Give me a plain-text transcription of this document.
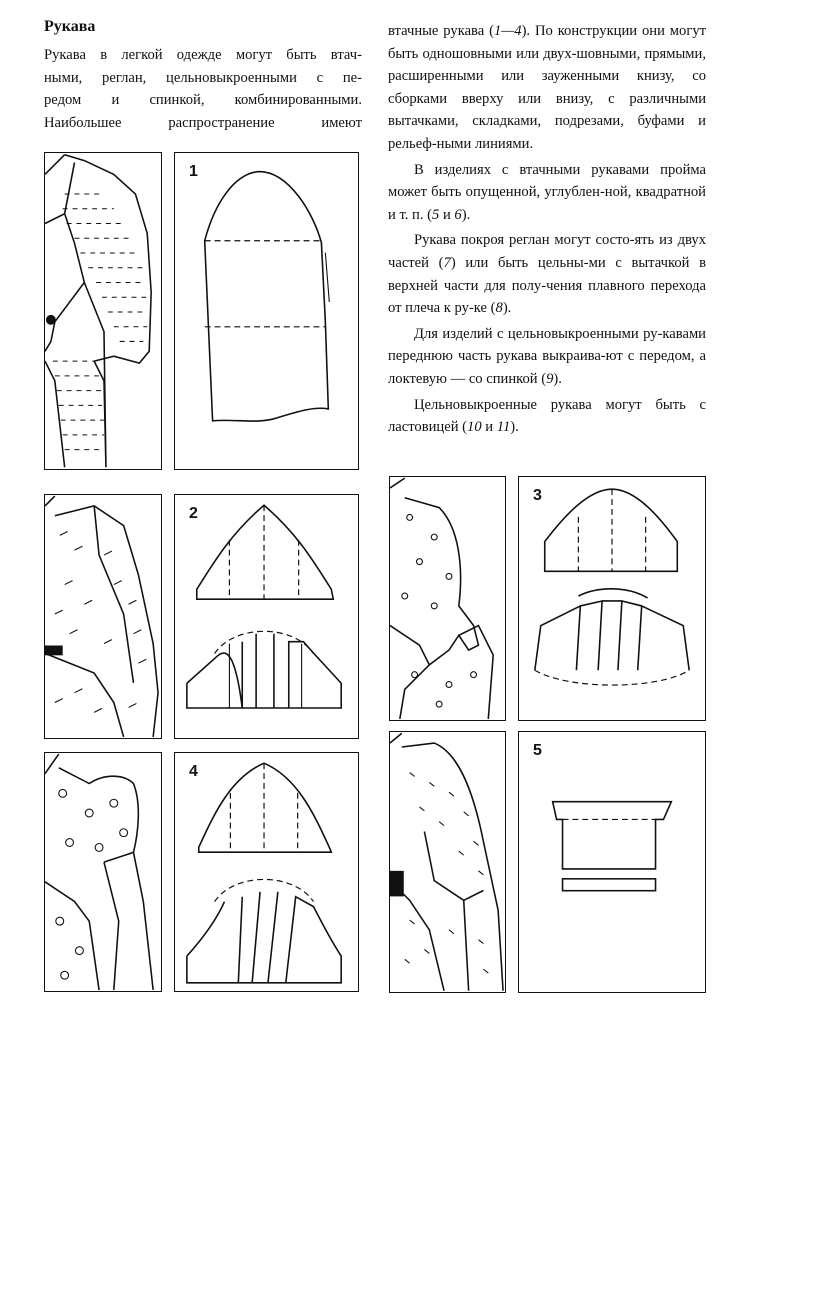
Рукава

Рукава в легкой одежде могут быть втач-

ными, реглан, цельновыкроенными с пе-

редом и спинкой, комбинированными.

Наибольшее распространение имеют

втачные рукава (1—4). По конструкции они могут быть одношовными или двух-шовными, прямыми, расширенными или зауженными книзу, со сборками вверху или внизу, с различными вытачками, складками, подрезами, буфами и рельеф-ными линиями.

В изделиях с втачными рукавами пройма может быть опущенной, углублен-ной, квадратной и т. п. (5 и 6).

Рукава покроя реглан могут состо-ять из двух частей (7) или быть цельны-ми с вытачкой в верхней части для полу-чения плавного перехода от плеча к ру-ке (8).

Для изделий с цельновыкроенными ру-кавами переднюю часть рукава выкраива-ют с передом, а локтевую — со спинкой (9).

Цельновыкроенные рукава могут быть с ластовицей (10 и 11).

1
2
3
4
5
